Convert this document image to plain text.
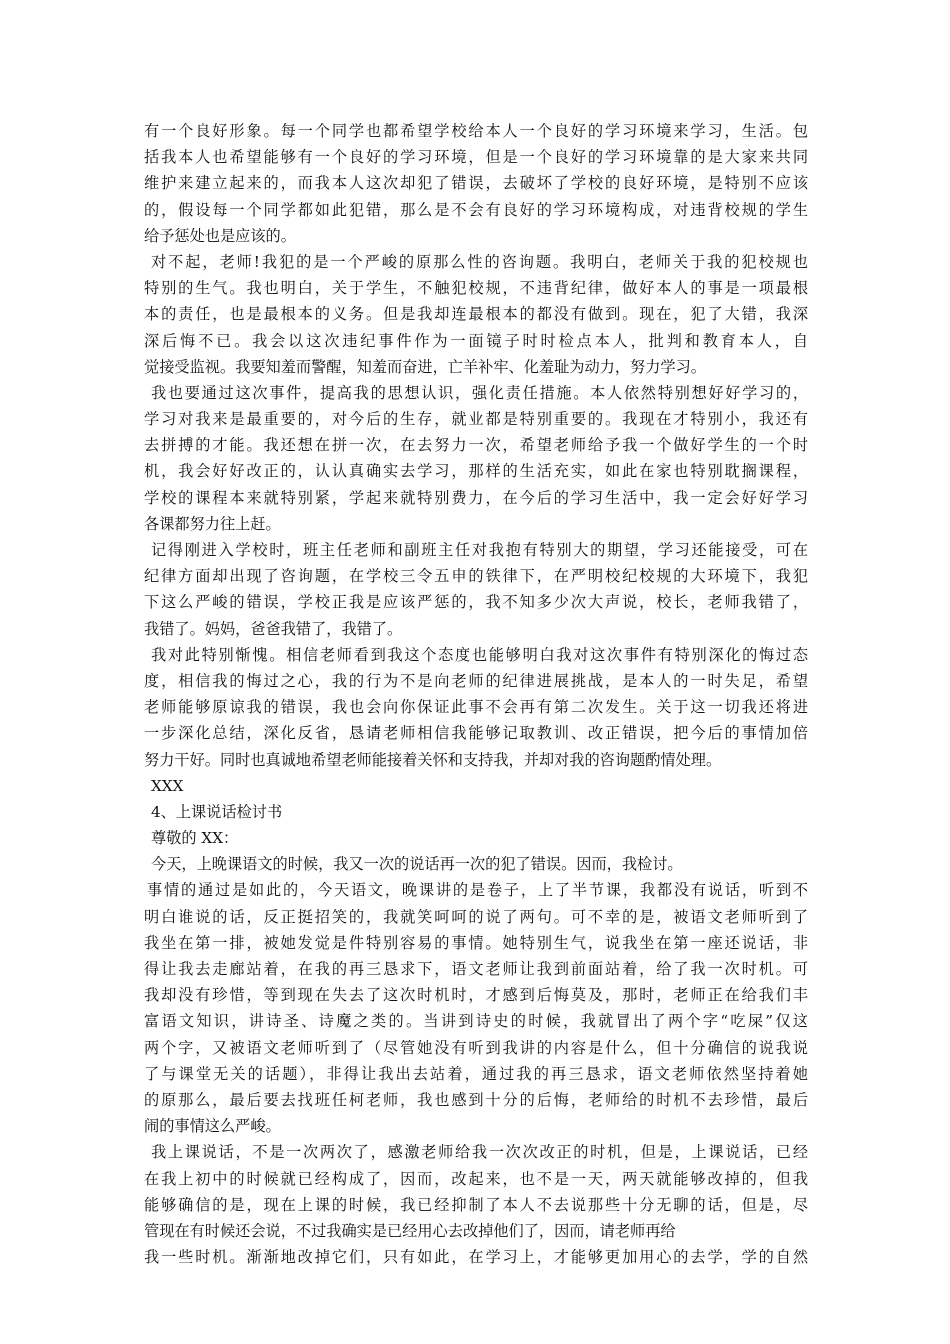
有一个良好形象。每一个同学也都希望学校给本人一个良好的学习环境来学习，生活。包
括我本人也希望能够有一个良好的学习环境，但是一个良好的学习环境靠的是大家来共同
维护来建立起来的，而我本人这次却犯了错误，去破坏了学校的良好环境，是特别不应该
的，假设每一个同学都如此犯错，那么是不会有良好的学习环境构成，对违背校规的学生
给予惩处也是应该的。
对不起，老师!我犯的是一个严峻的原那么性的咨询题。我明白，老师关于我的犯校规也
特别的生气。我也明白，关于学生，不触犯校规，不违背纪律，做好本人的事是一项最根
本的责任，也是最根本的义务。但是我却连最根本的都没有做到。现在，犯了大错，我深
深后悔不已。我会以这次违纪事件作为一面镜子时时检点本人，批判和教育本人，自
觉接受监视。我要知羞而警醒，知羞而奋进，亡羊补牢、化羞耻为动力，努力学习。
我也要通过这次事件，提高我的思想认识，强化责任措施。本人依然特别想好好学习的，
学习对我来是最重要的，对今后的生存，就业都是特别重要的。我现在才特别小，我还有
去拼搏的才能。我还想在拼一次，在去努力一次，希望老师给予我一个做好学生的一个时
机，我会好好改正的，认认真确实去学习，那样的生活充实，如此在家也特别耽搁课程，
学校的课程本来就特别紧，学起来就特别费力，在今后的学习生活中，我一定会好好学习
各课都努力往上赶。
记得刚进入学校时，班主任老师和副班主任对我抱有特别大的期望，学习还能接受，可在
纪律方面却出现了咨询题，在学校三令五申的铁律下，在严明校纪校规的大环境下，我犯
下这么严峻的错误，学校正我是应该严惩的，我不知多少次大声说，校长，老师我错了，
我错了。妈妈，爸爸我错了，我错了。
我对此特别惭愧。相信老师看到我这个态度也能够明白我对这次事件有特别深化的悔过态
度，相信我的悔过之心，我的行为不是向老师的纪律进展挑战，是本人的一时失足，希望
老师能够原谅我的错误，我也会向你保证此事不会再有第二次发生。关于这一切我还将进
一步深化总结，深化反省，恳请老师相信我能够记取教训、改正错误，把今后的事情加倍
努力干好。同时也真诚地希望老师能接着关怀和支持我，并却对我的咨询题酌情处理。
XXX
4、上课说话检讨书
尊敬的 XX：
今天，上晚课语文的时候，我又一次的说话再一次的犯了错误。因而，我检讨。
事情的通过是如此的，今天语文，晚课讲的是卷子，上了半节课，我都没有说话，听到不
明白谁说的话，反正挺招笑的，我就笑呵呵的说了两句。可不幸的是，被语文老师听到了
我坐在第一排，被她发觉是件特别容易的事情。她特别生气，说我坐在第一座还说话，非
得让我去走廊站着，在我的再三恳求下，语文老师让我到前面站着，给了我一次时机。可
我却没有珍惜，等到现在失去了这次时机时，才感到后悔莫及，那时，老师正在给我们丰
富语文知识，讲诗圣、诗魔之类的。当讲到诗史的时候，我就冒出了两个字“吃屎”仅这
两个字，又被语文老师听到了（尽管她没有听到我讲的内容是什么，但十分确信的说我说
了与课堂无关的话题），非得让我出去站着，通过我的再三恳求，语文老师依然坚持着她
的原那么，最后要去找班任柯老师，我也感到十分的后悔，老师给的时机不去珍惜，最后
闹的事情这么严峻。
我上课说话，不是一次两次了，感激老师给我一次次改正的时机，但是，上课说话，已经
在我上初中的时候就已经构成了，因而，改起来，也不是一天，两天就能够改掉的，但我
能够确信的是，现在上课的时候，我已经抑制了本人不去说那些十分无聊的话，但是，尽
管现在有时候还会说，不过我确实是已经用心去改掉他们了，因而，请老师再给
我一些时机。渐渐地改掉它们，只有如此，在学习上，才能够更加用心的去学，学的自然
